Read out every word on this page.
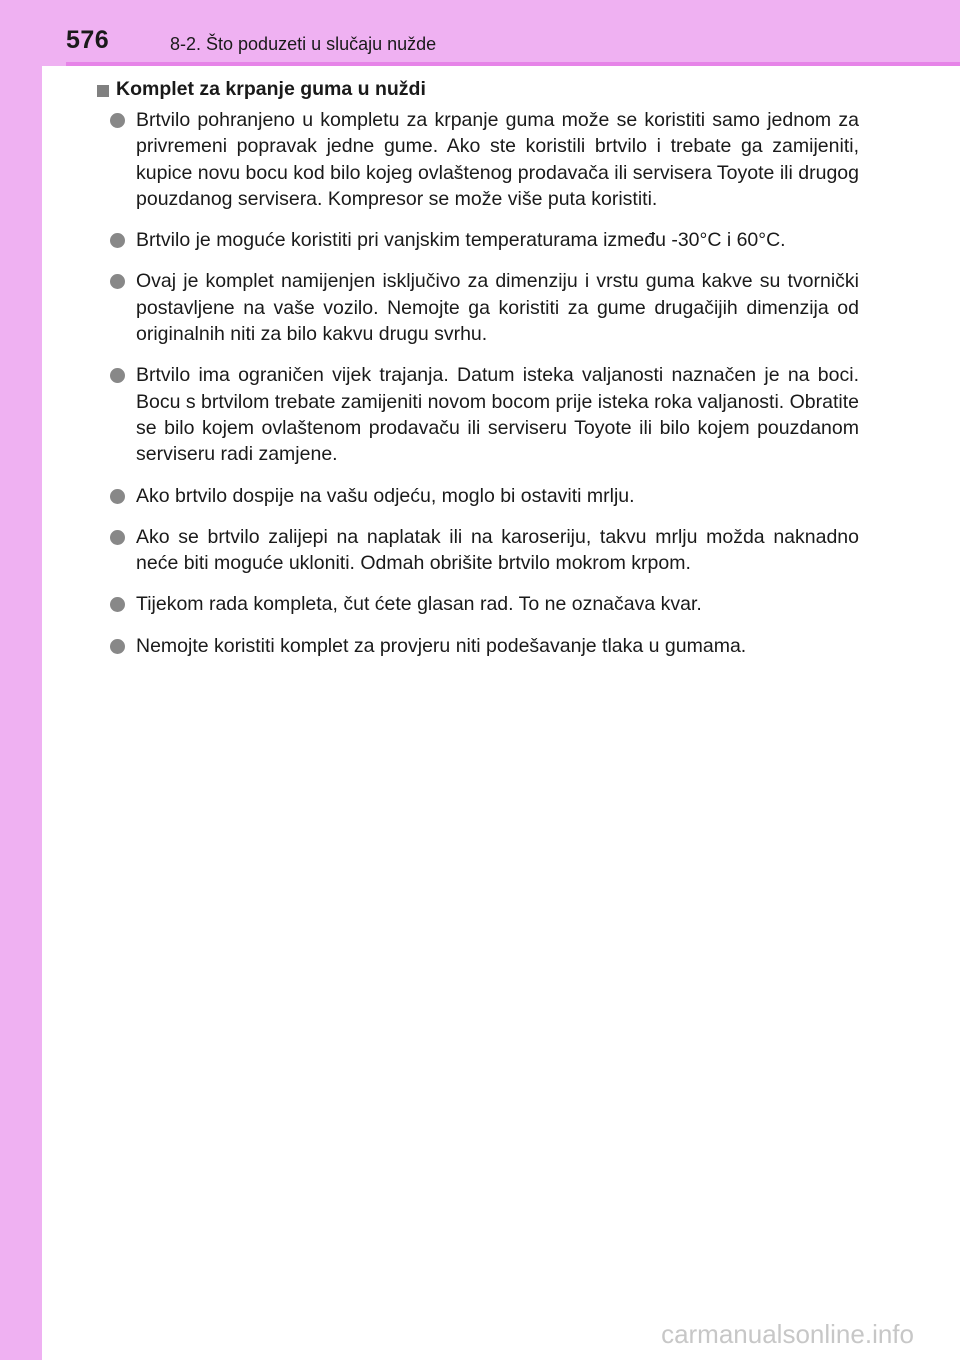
576	8-2. Što poduzeti u slučaju nužde
Komplet za krpanje guma u nuždi
Brtvilo pohranjeno u kompletu za krpanje guma može se koristiti samo jednom za privremeni popravak jedne gume. Ako ste koristili brtvilo i trebate ga zamijeniti, kupice novu bocu kod bilo kojeg ovlaštenog prodavača ili servisera Toyote ili drugog pouzdanog servisera. Kompresor se može više puta koristiti.
Brtvilo je moguće koristiti pri vanjskim temperaturama između -30°C i 60°C.
Ovaj je komplet namijenjen isključivo za dimenziju i vrstu guma kakve su tvornički postavljene na vaše vozilo. Nemojte ga koristiti za gume drugačijih dimenzija od originalnih niti za bilo kakvu drugu svrhu.
Brtvilo ima ograničen vijek trajanja. Datum isteka valjanosti naznačen je na boci. Bocu s brtvilom trebate zamijeniti novom bocom prije isteka roka valjanosti. Obratite se bilo kojem ovlaštenom prodavaču ili serviseru Toyote ili bilo kojem pouzdanom serviseru radi zamjene.
Ako brtvilo dospije na vašu odjeću, moglo bi ostaviti mrlju.
Ako se brtvilo zalijepi na naplatak ili na karoseriju, takvu mrlju možda naknadno neće biti moguće ukloniti. Odmah obrišite brtvilo mokrom krpom.
Tijekom rada kompleta, čut ćete glasan rad. To ne označava kvar.
Nemojte koristiti komplet za provjeru niti podešavanje tlaka u gumama.
carmanualsonline.info
